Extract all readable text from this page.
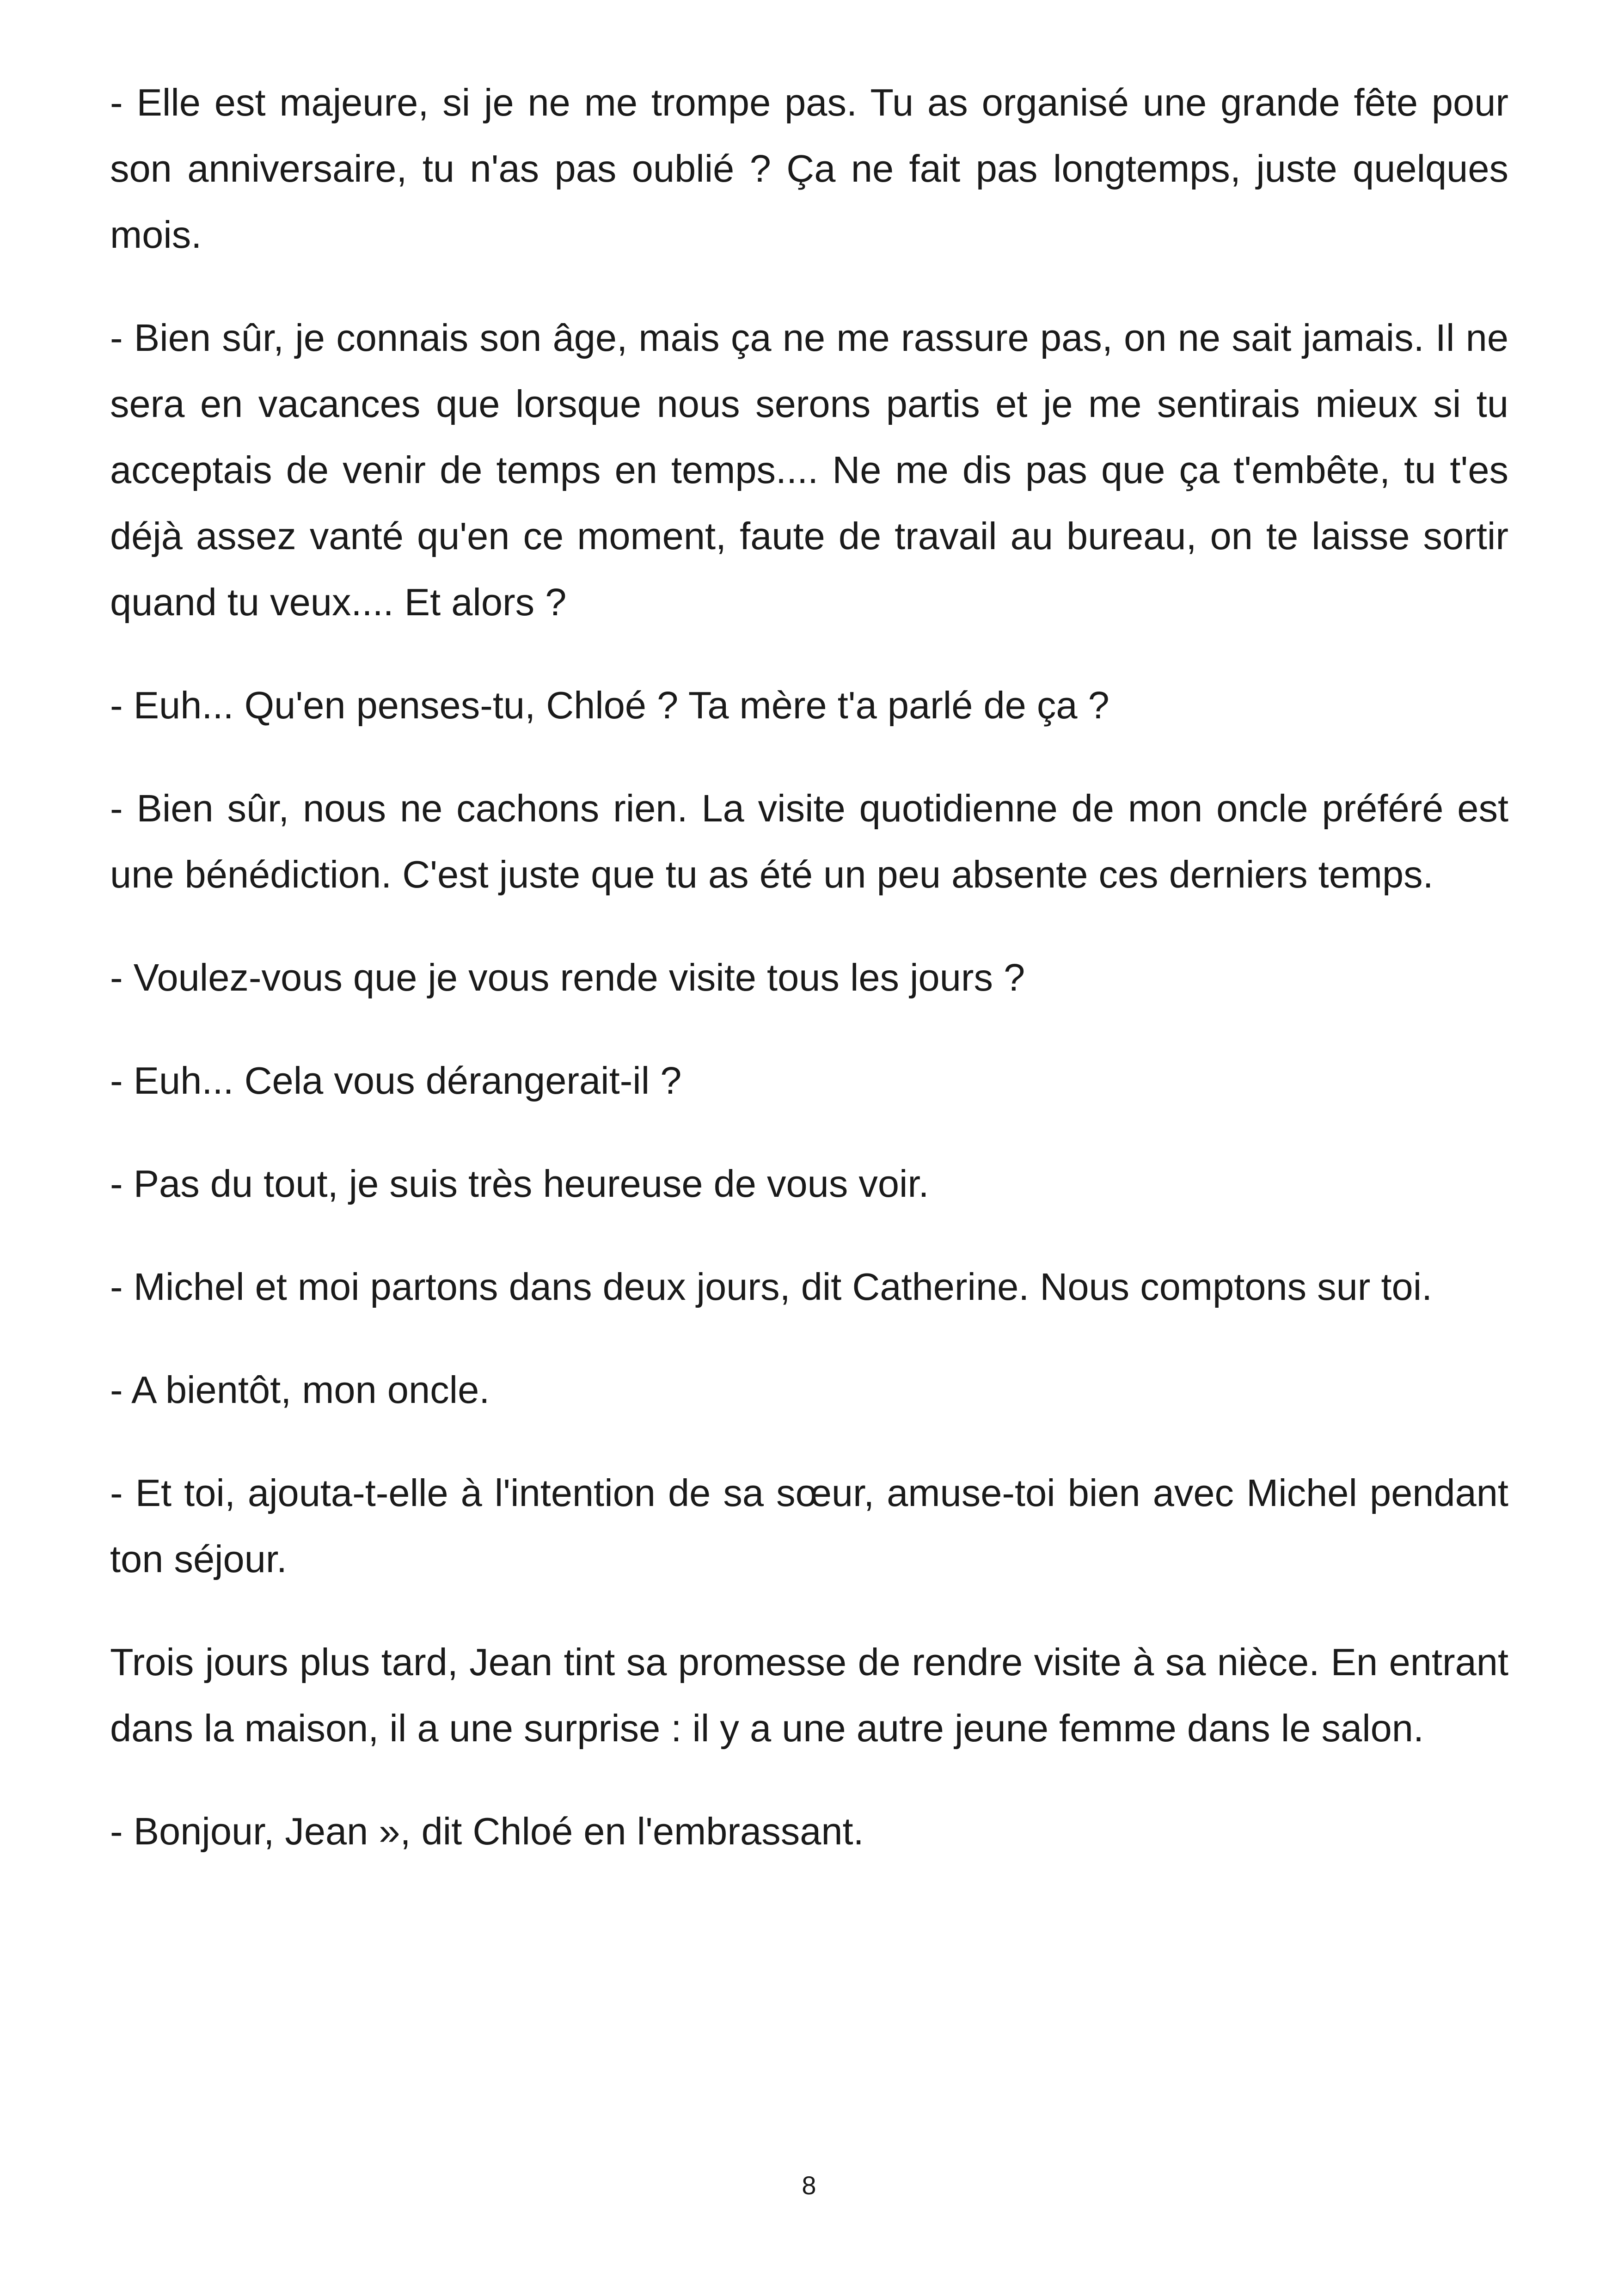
- Elle est majeure, si je ne me trompe pas. Tu as organisé une grande fête pour son anniversaire, tu n'as pas oublié ? Ça ne fait pas longtemps, juste quelques mois.

- Bien sûr, je connais son âge, mais ça ne me rassure pas, on ne sait jamais. Il ne sera en vacances que lorsque nous serons partis et je me sentirais mieux si tu acceptais de venir de temps en temps.... Ne me dis pas que ça t'embête, tu t'es déjà assez vanté qu'en ce moment, faute de travail au bureau, on te laisse sortir quand tu veux.... Et alors ?

- Euh... Qu'en penses-tu, Chloé ? Ta mère t'a parlé de ça ?

- Bien sûr, nous ne cachons rien. La visite quotidienne de mon oncle préféré est une bénédiction. C'est juste que tu as été un peu absente ces derniers temps.

- Voulez-vous que je vous rende visite tous les jours ?

- Euh... Cela vous dérangerait-il ?

- Pas du tout, je suis très heureuse de vous voir.

- Michel et moi partons dans deux jours, dit Catherine. Nous comptons sur toi.

- A bientôt, mon oncle.

- Et toi, ajouta-t-elle à l'intention de sa sœur, amuse-toi bien avec Michel pendant ton séjour.

Trois jours plus tard, Jean tint sa promesse de rendre visite à sa nièce. En entrant dans la maison, il a une surprise : il y a une autre jeune femme dans le salon.

- Bonjour, Jean », dit Chloé en l'embrassant.

8
